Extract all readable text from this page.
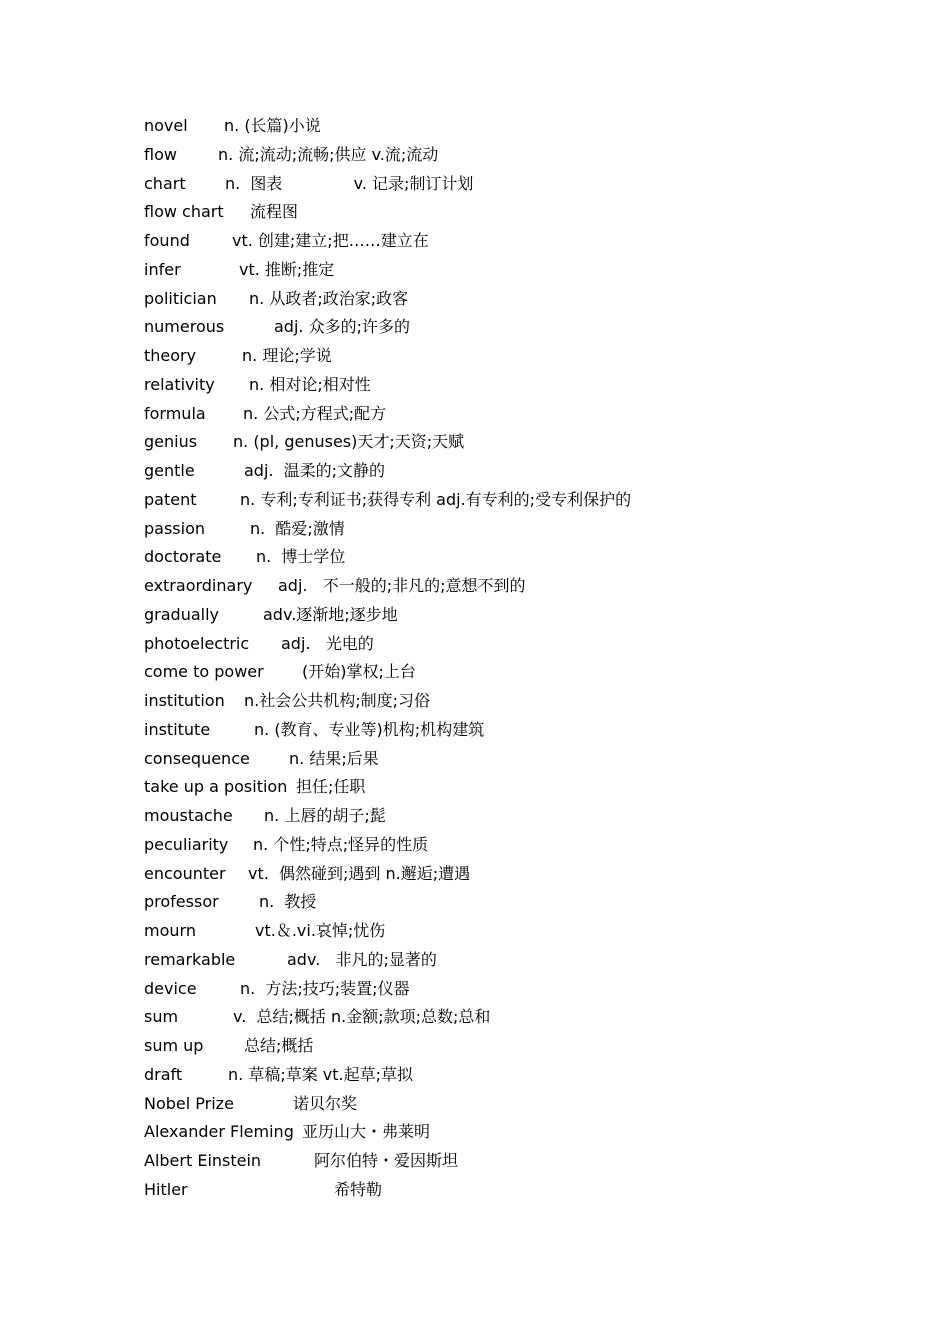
novel n. (长篇)小说
flow	n. 流;流动;流畅;供应 v.流;流动
chart n.  图表              v. 记录;制订计划
flow chart 流程图
found	vt. 创建;建立;把……建立在
infer	vt. 推断;推定
politician n. 从政者;政治家;政客
numerous	adj. 众多的;许多的
theory	n. 理论;学说
relativity n. 相对论;相对性
formula n. 公式;方程式;配方
genius n. (pl, genuses)天才;天资;天赋
gentle	adj.  温柔的;文静的
patent	n. 专利;专利证书;获得专利 adj.有专利的;受专利保护的
passion	n.  酷爱;激情
doctorate n.  博士学位
extraordinary adj.   不一般的;非凡的;意想不到的
gradually	adv.逐渐地;逐步地
photoelectric adj.   光电的
come to power (开始)掌权;上台
institution n.社会公共机构;制度;习俗
institute	n. (教育、专业等)机构;机构建筑
consequence n. 结果;后果
take up a position 担任;任职
moustache n. 上唇的胡子;髭
peculiarity n. 个性;特点;怪异的性质
encounter vt.  偶然碰到;遇到 n.邂逅;遭遇
professor	n.  教授
mourn	vt.＆.vi.哀悼;忧伤
remarkable	adv.   非凡的;显著的
device	n.  方法;技巧;装置;仪器
sum	v.  总结;概括 n.金额;款项;总数;总和
sum up	总结;概括
draft	n. 草稿;草案 vt.起草;草拟
Nobel Prize	诺贝尔奖
Alexander Fleming 亚历山大・弗莱明
Albert Einstein	阿尔伯特・爱因斯坦
Hitler	希特勒
